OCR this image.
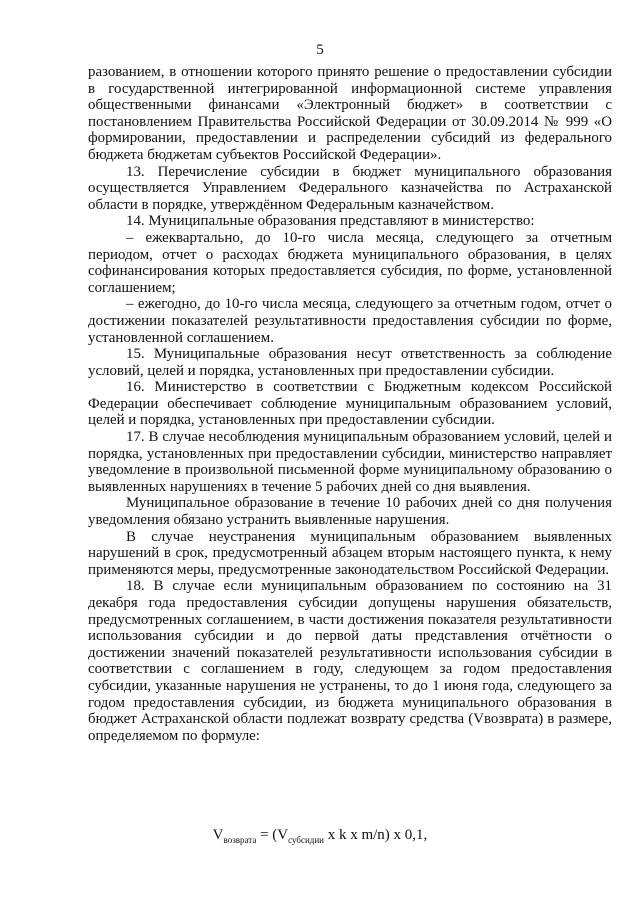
5

разованием, в отношении которого принято решение о предоставлении субсидии в государственной интегрированной информационной системе управления общественными финансами «Электронный бюджет» в соответствии с постановлением Правительства Российской Федерации от 30.09.2014 № 999 «О формировании, предоставлении и распределении субсидий из федерального бюджета бюджетам субъектов Российской Федерации».

13. Перечисление субсидии в бюджет муниципального образования осуществляется Управлением Федерального казначейства по Астраханской области в порядке, утверждённом Федеральным казначейством.

14. Муниципальные образования представляют в министерство:

– ежеквартально, до 10-го числа месяца, следующего за отчетным периодом, отчет о расходах бюджета муниципального образования, в целях софинансирования которых предоставляется субсидия, по форме, установленной соглашением;

– ежегодно, до 10-го числа месяца, следующего за отчетным годом, отчет о достижении показателей результативности предоставления субсидии по форме, установленной соглашением.

15. Муниципальные образования несут ответственность за соблюдение условий, целей и порядка, установленных при предоставлении субсидии.

16. Министерство в соответствии с Бюджетным кодексом Российской Федерации обеспечивает соблюдение муниципальным образованием условий, целей и порядка, установленных при предоставлении субсидии.

17. В случае несоблюдения муниципальным образованием условий, целей и порядка, установленных при предоставлении субсидии, министерство направляет уведомление в произвольной письменной форме муниципальному образованию о выявленных нарушениях в течение 5 рабочих дней со дня выявления.

Муниципальное образование в течение 10 рабочих дней со дня получения уведомления обязано устранить выявленные нарушения.

В случае неустранения муниципальным образованием выявленных нарушений в срок, предусмотренный абзацем вторым настоящего пункта, к нему применяются меры, предусмотренные законодательством Российской Федерации.

18. В случае если муниципальным образованием по состоянию на 31 декабря года предоставления субсидии допущены нарушения обязательств, предусмотренных соглашением, в части достижения показателя результативности использования субсидии и до первой даты представления отчётности о достижении значений показателей результативности использования субсидии в соответствии с соглашением в году, следующем за годом предоставления субсидии, указанные нарушения не устранены, то до 1 июня года, следующего за годом предоставления субсидии, из бюджета муниципального образования в бюджет Астраханской области подлежат возврату средства (Vвозврата) в размере, определяемом по формуле:

$V_{возврата} = (V_{субсидии}$ x k x m/n) x 0,1,
